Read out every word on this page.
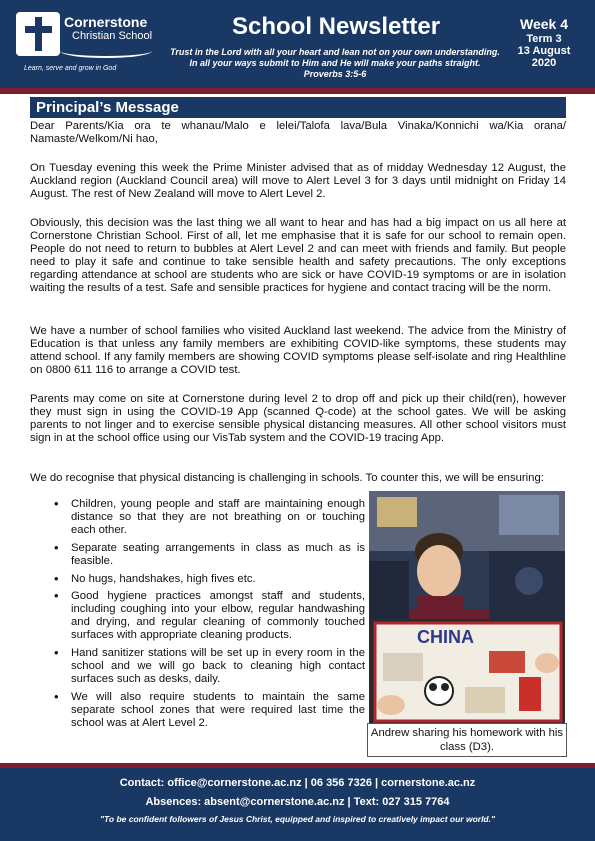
Cornerstone
Christian School
Learn, serve and grow in God
School Newsletter
Trust in the Lord with all your heart and lean not on your own understanding. In all your ways submit to Him and He will make your paths straight. Proverbs 3:5-6
Week 4
Term 3
13 August 2020
Principal’s Message

Dear Parents/Kia ora te whanau/Malo e lelei/Talofa lava/Bula Vinaka/Konnichi wa/Kia orana/ Namaste/Welkom/Ni hao,

On Tuesday evening this week the Prime Minister advised that as of midday Wednesday 12 August, the Auckland region (Auckland Council area) will move to Alert Level 3 for 3 days until midnight on Friday 14 August. The rest of New Zealand will move to Alert Level 2.

Obviously, this decision was the last thing we all want to hear and has had a big impact on us all here at Cornerstone Christian School. First of all, let me emphasise that it is safe for our school to remain open. People do not need to return to bubbles at Alert Level 2 and can meet with friends and family. But people need to play it safe and continue to take sensible health and safety precautions. The only exceptions regarding attendance at school are students who are sick or have COVID-19 symptoms or are in isolation waiting the results of a test. Safe and sensible practices for hygiene and contact tracing will be the norm.

We have a number of school families who visited Auckland last weekend. The advice from the Ministry of Education is that unless any family members are exhibiting COVID-like symptoms, these students may attend school. If any family members are showing COVID symptoms please self-isolate and ring Healthline on 0800 611 116 to arrange a COVID test.

Parents may come on site at Cornerstone during level 2 to drop off and pick up their child(ren), however they must sign in using the COVID-19 App (scanned Q-code) at the school gates. We will be asking parents to not linger and to exercise sensible physical distancing measures. All other school visitors must sign in at the school office using our VisTab system and the COVID-19 tracing App.

We do recognise that physical distancing is challenging in schools. To counter this, we will be ensuring:

• Children, young people and staff are maintaining enough distance so that they are not breathing on or touching each other.
• Separate seating arrangements in class as much as is feasible.
• No hugs, handshakes, high fives etc.
• Good hygiene practices amongst staff and students, including coughing into your elbow, regular handwashing and drying, and regular cleaning of commonly touched surfaces with appropriate cleaning products.
• Hand sanitizer stations will be set up in every room in the school and we will go back to cleaning high contact surfaces such as desks, daily.
• We will also require students to maintain the same separate school zones that were required last time the school was at Alert Level 2.
CHINA
Andrew sharing his homework with his class (D3).
Contact: office@cornerstone.ac.nz | 06 356 7326 | cornerstone.ac.nz
Absences: absent@cornerstone.ac.nz | Text: 027 315 7764
"To be confident followers of Jesus Christ, equipped and inspired to creatively impact our world."
